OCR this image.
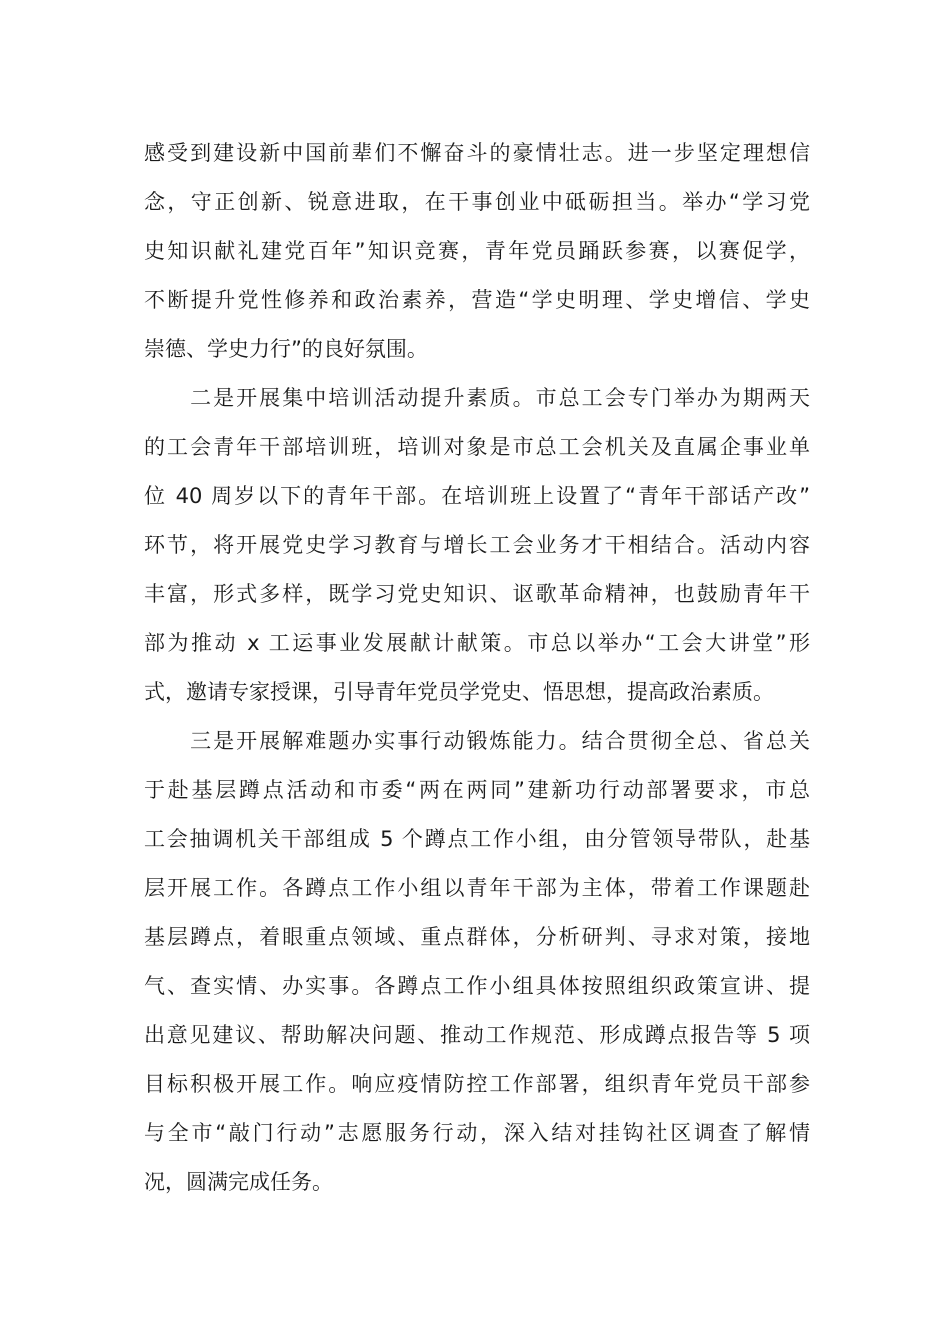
感受到建设新中国前辈们不懈奋斗的豪情壮志。进一步坚定理想信
念，守正创新、锐意进取，在干事创业中砥砺担当。举办“学习党
史知识献礼建党百年”知识竞赛，青年党员踊跃参赛，以赛促学，
不断提升党性修养和政治素养，营造“学史明理、学史增信、学史
崇德、学史力行”的良好氛围。
　　二是开展集中培训活动提升素质。市总工会专门举办为期两天
的工会青年干部培训班，培训对象是市总工会机关及直属企事业单
位 40 周岁以下的青年干部。在培训班上设置了“青年干部话产改”
环节，将开展党史学习教育与增长工会业务才干相结合。活动内容
丰富，形式多样，既学习党史知识、讴歌革命精神，也鼓励青年干
部为推动 x 工运事业发展献计献策。市总以举办“工会大讲堂”形
式，邀请专家授课，引导青年党员学党史、悟思想，提高政治素质。
　　三是开展解难题办实事行动锻炼能力。结合贯彻全总、省总关
于赴基层蹲点活动和市委“两在两同”建新功行动部署要求，市总
工会抽调机关干部组成 5 个蹲点工作小组，由分管领导带队，赴基
层开展工作。各蹲点工作小组以青年干部为主体，带着工作课题赴
基层蹲点，着眼重点领域、重点群体，分析研判、寻求对策，接地
气、查实情、办实事。各蹲点工作小组具体按照组织政策宣讲、提
出意见建议、帮助解决问题、推动工作规范、形成蹲点报告等 5 项
目标积极开展工作。响应疫情防控工作部署，组织青年党员干部参
与全市“敲门行动”志愿服务行动，深入结对挂钩社区调查了解情
况，圆满完成任务。
